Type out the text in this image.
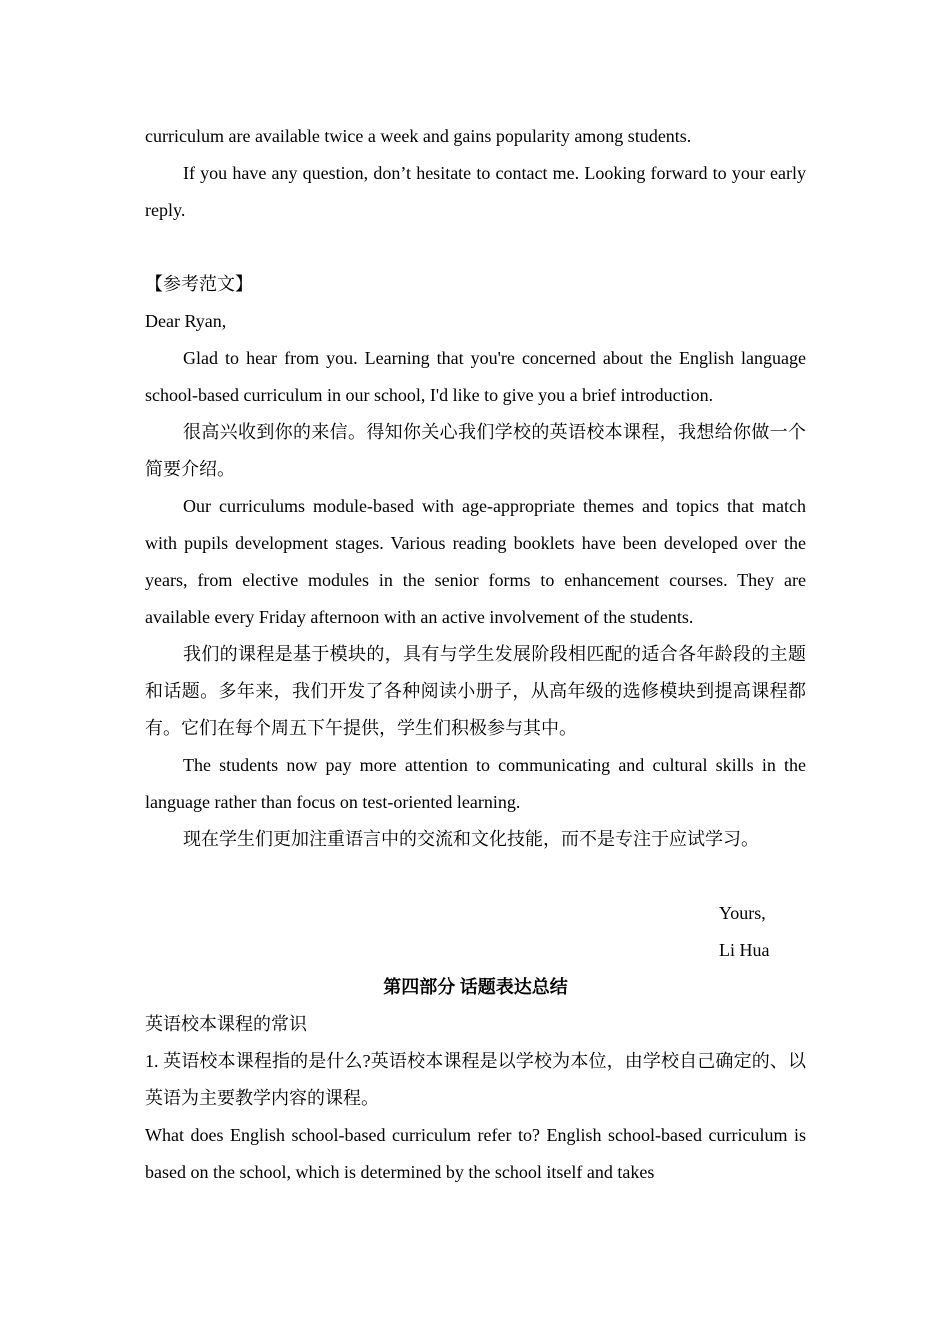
curriculum are available twice a week and gains popularity among students.

If you have any question, don’t hesitate to contact me. Looking forward to your early reply.

【参考范文】

Dear Ryan,

Glad to hear from you. Learning that you're concerned about the English language school-based curriculum in our school, I'd like to give you a brief introduction.

很高兴收到你的来信。得知你关心我们学校的英语校本课程，我想给你做一个简要介绍。

Our curriculums module-based with age-appropriate themes and topics that match with pupils development stages. Various reading booklets have been developed over the years, from elective modules in the senior forms to enhancement courses. They are available every Friday afternoon with an active involvement of the students.

我们的课程是基于模块的，具有与学生发展阶段相匹配的适合各年龄段的主题和话题。多年来，我们开发了各种阅读小册子，从高年级的选修模块到提高课程都有。它们在每个周五下午提供，学生们积极参与其中。

The students now pay more attention to communicating and cultural skills in the language rather than focus on test-oriented learning.

现在学生们更加注重语言中的交流和文化技能，而不是专注于应试学习。

Yours,

Li Hua

第四部分 话题表达总结

英语校本课程的常识

1. 英语校本课程指的是什么?英语校本课程是以学校为本位，由学校自己确定的、以英语为主要教学内容的课程。

What does English school-based curriculum refer to? English school-based curriculum is based on the school, which is determined by the school itself and takes
